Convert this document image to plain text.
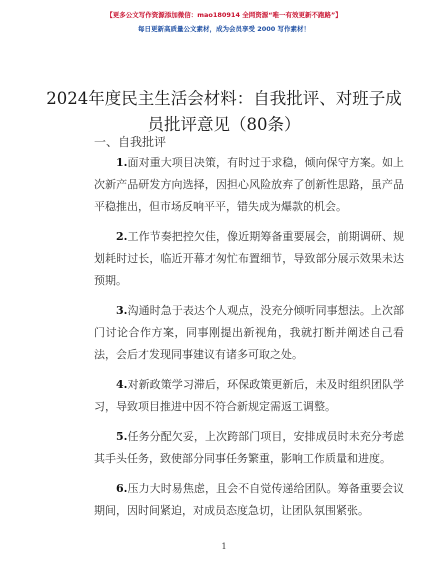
【更多公文写作资源添加微信：mao180914 全网资源“唯一有效更新不跑路”】
每日更新高质量公文素材，成为会员享受 2000 写作素材！
2024年度民主生活会材料：自我批评、对班子成员批评意见（80条）
一、自我批评

1.面对重大项目决策，有时过于求稳，倾向保守方案。如上次新产品研发方向选择，因担心风险放弃了创新性思路，虽产品平稳推出，但市场反响平平，错失成为爆款的机会。

2.工作节奏把控欠佳，像近期筹备重要展会，前期调研、规划耗时过长，临近开幕才匆忙布置细节，导致部分展示效果未达预期。

3.沟通时急于表达个人观点，没充分倾听同事想法。上次部门讨论合作方案，同事刚提出新视角，我就打断并阐述自己看法，会后才发现同事建议有诸多可取之处。

4.对新政策学习滞后，环保政策更新后，未及时组织团队学习，导致项目推进中因不符合新规定需返工调整。

5.任务分配欠妥，上次跨部门项目，安排成员时未充分考虑其手头任务，致使部分同事任务繁重，影响工作质量和进度。

6.压力大时易焦虑，且会不自觉传递给团队。筹备重要会议期间，因时间紧迫，对成员态度急切，让团队氛围紧张。

1
